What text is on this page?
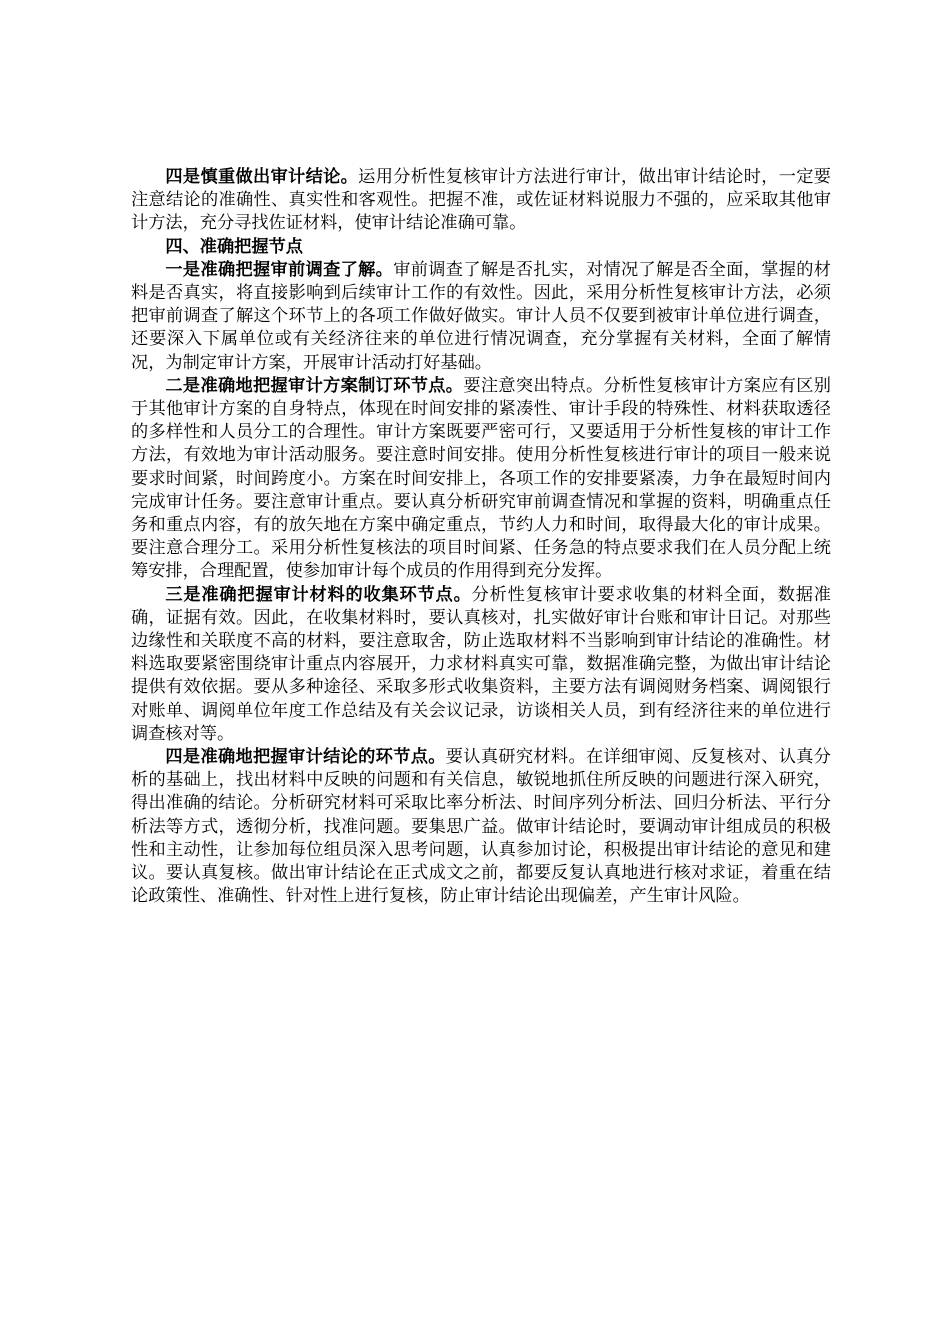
四是慎重做出审计结论。运用分析性复核审计方法进行审计，做出审计结论时，一定要注意结论的准确性、真实性和客观性。把握不准，或佐证材料说服力不强的，应采取其他审计方法，充分寻找佐证材料，使审计结论准确可靠。

四、准确把握节点

一是准确把握审前调查了解。审前调查了解是否扎实，对情况了解是否全面，掌握的材料是否真实，将直接影响到后续审计工作的有效性。因此，采用分析性复核审计方法，必须把审前调查了解这个环节上的各项工作做好做实。审计人员不仅要到被审计单位进行调查，还要深入下属单位或有关经济往来的单位进行情况调查，充分掌握有关材料，全面了解情况，为制定审计方案，开展审计活动打好基础。

二是准确地把握审计方案制订环节点。要注意突出特点。分析性复核审计方案应有区别于其他审计方案的自身特点，体现在时间安排的紧凑性、审计手段的特殊性、材料获取透径的多样性和人员分工的合理性。审计方案既要严密可行，又要适用于分析性复核的审计工作方法，有效地为审计活动服务。要注意时间安排。使用分析性复核进行审计的项目一般来说要求时间紧，时间跨度小。方案在时间安排上，各项工作的安排要紧凑，力争在最短时间内完成审计任务。要注意审计重点。要认真分析研究审前调查情况和掌握的资料，明确重点任务和重点内容，有的放矢地在方案中确定重点，节约人力和时间，取得最大化的审计成果。要注意合理分工。采用分析性复核法的项目时间紧、任务急的特点要求我们在人员分配上统筹安排，合理配置，使参加审计每个成员的作用得到充分发挥。

三是准确把握审计材料的收集环节点。分析性复核审计要求收集的材料全面，数据准确，证据有效。因此，在收集材料时，要认真核对，扎实做好审计台账和审计日记。对那些边缘性和关联度不高的材料，要注意取舍，防止选取材料不当影响到审计结论的准确性。材料选取要紧密围绕审计重点内容展开，力求材料真实可靠，数据准确完整，为做出审计结论提供有效依据。要从多种途径、采取多形式收集资料，主要方法有调阅财务档案、调阅银行对账单、调阅单位年度工作总结及有关会议记录，访谈相关人员，到有经济往来的单位进行调查核对等。

四是准确地把握审计结论的环节点。要认真研究材料。在详细审阅、反复核对、认真分析的基础上，找出材料中反映的问题和有关信息，敏锐地抓住所反映的问题进行深入研究，得出准确的结论。分析研究材料可采取比率分析法、时间序列分析法、回归分析法、平行分析法等方式，透彻分析，找准问题。要集思广益。做审计结论时，要调动审计组成员的积极性和主动性，让参加每位组员深入思考问题，认真参加讨论，积极提出审计结论的意见和建议。要认真复核。做出审计结论在正式成文之前，都要反复认真地进行核对求证，着重在结论政策性、准确性、针对性上进行复核，防止审计结论出现偏差，产生审计风险。
